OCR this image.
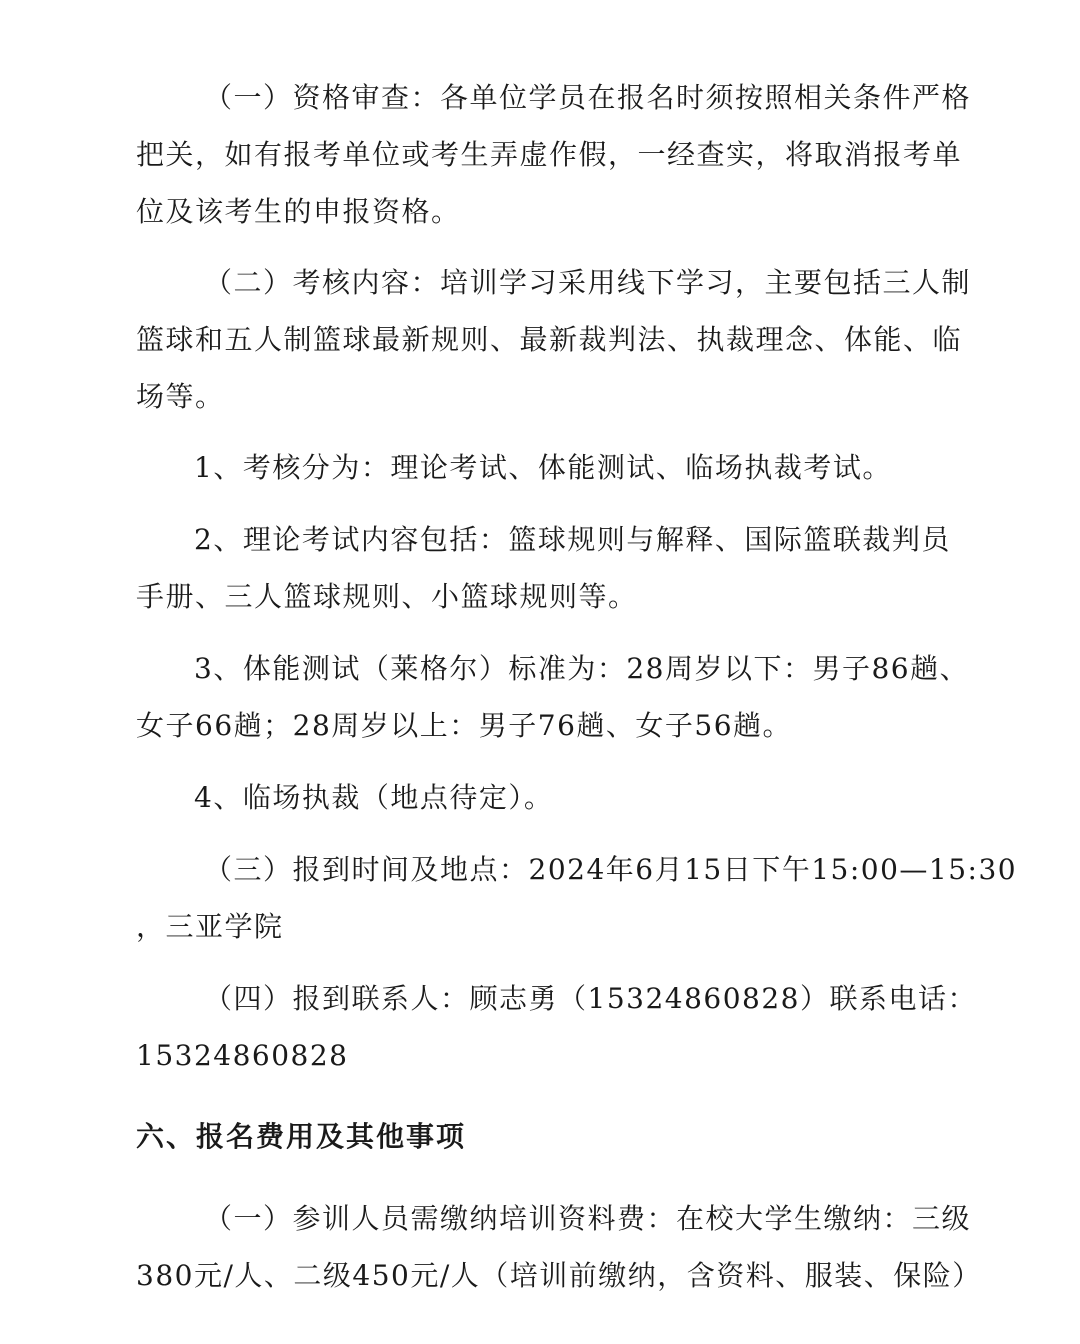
（一）资格审查：各单位学员在报名时须按照相关条件严格
把关，如有报考单位或考生弄虚作假，一经查实，将取消报考单
位及该考生的申报资格。
（二）考核内容：培训学习采用线下学习，主要包括三人制
篮球和五人制篮球最新规则、最新裁判法、执裁理念、体能、临
场等。
1、考核分为：理论考试、体能测试、临场执裁考试。
2、理论考试内容包括：篮球规则与解释、国际篮联裁判员
手册、三人篮球规则、小篮球规则等。
3、体能测试（莱格尔）标准为：28周岁以下：男子86趟、
女子66趟；28周岁以上：男子76趟、女子56趟。
4、临场执裁（地点待定）。
（三）报到时间及地点：2024年6月15日下午15:00—15:30
，三亚学院
（四）报到联系人：顾志勇（15324860828）联系电话：
15324860828
六、报名费用及其他事项
（一）参训人员需缴纳培训资料费：在校大学生缴纳：三级
380元/人、二级450元/人（培训前缴纳，含资料、服装、保险）
